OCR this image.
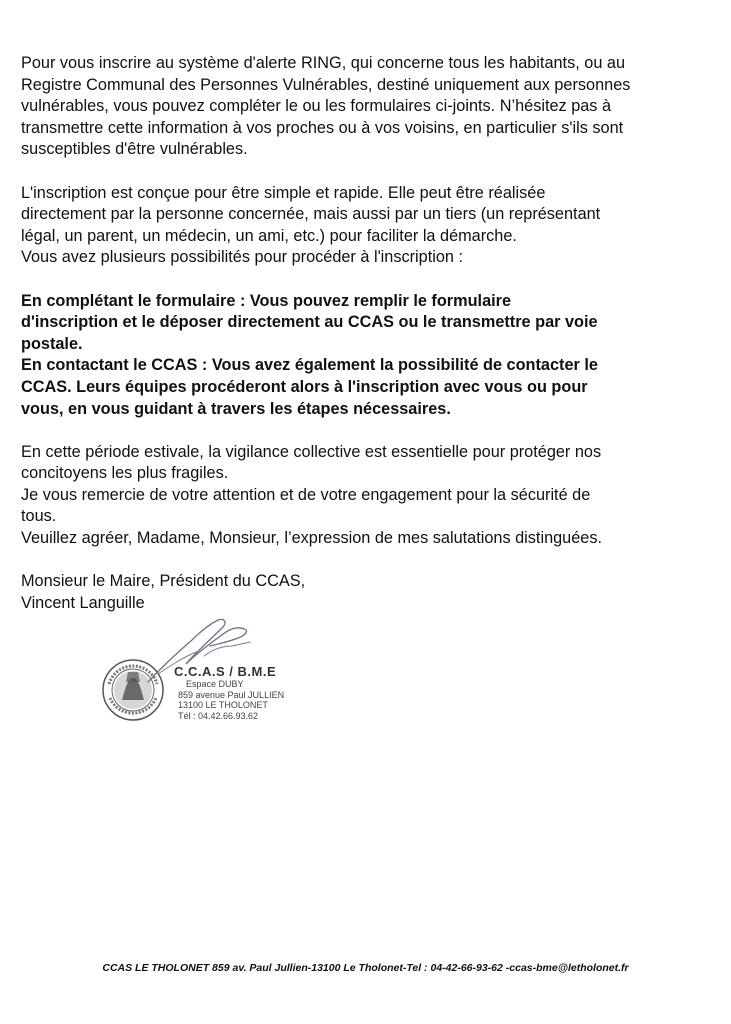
Pour vous inscrire au système d'alerte RING, qui concerne tous les habitants, ou au
Registre Communal des Personnes Vulnérables, destiné uniquement aux personnes
vulnérables, vous pouvez compléter le ou les formulaires ci-joints. N’hésitez pas à
transmettre cette information à vos proches ou à vos voisins, en particulier s'ils sont
susceptibles d'être vulnérables.

L'inscription est conçue pour être simple et rapide. Elle peut être réalisée
directement par la personne concernée, mais aussi par un tiers (un représentant
légal, un parent, un médecin, un ami, etc.) pour faciliter la démarche.

Vous avez plusieurs possibilités pour procéder à l'inscription :

En complétant le formulaire : Vous pouvez remplir le formulaire
d'inscription et le déposer directement au CCAS ou le transmettre par voie
postale.

En contactant le CCAS : Vous avez également la possibilité de contacter le
CCAS. Leurs équipes procéderont alors à l'inscription avec vous ou pour
vous, en vous guidant à travers les étapes nécessaires.

En cette période estivale, la vigilance collective est essentielle pour protéger nos
concitoyens les plus fragiles.

Je vous remercie de votre attention et de votre engagement pour la sécurité de
tous.

Veuillez agréer, Madame, Monsieur, l’expression de mes salutations distinguées.

Monsieur le Maire, Président du CCAS,
Vincent Languille
C.C.A.S / B.M.E
Espace DUBY
859 avenue Paul JULLIEN
13100 LE THOLONET
Tél : 04.42.66.93.62
CCAS LE THOLONET 859 av. Paul Jullien-13100 Le Tholonet-Tel : 04-42-66-93-62 -ccas-bme@letholonet.fr
